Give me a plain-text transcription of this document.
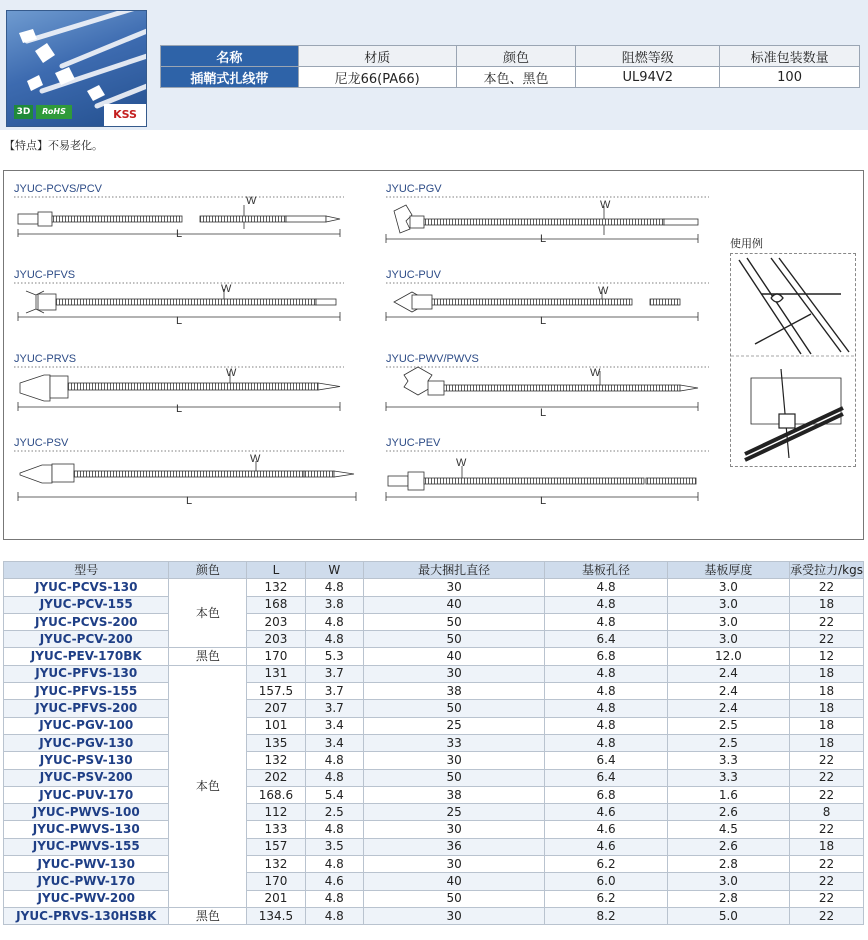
3D	RoHS	KSS
名称	材质	颜色	阻燃等级	标准包装数量
插鞘式扎线带	尼龙66(PA66)	本色、黑色	UL94V2	100
【特点】不易老化。
JYUC-PCVS/PCV	JYUC-PGV
JYUC-PFVS	JYUC-PUV
JYUC-PRVS	JYUC-PWV/PWVS
JYUC-PSV	JYUC-PEV
W	W
W	W
W	W
W	W
L	L
L	L
L	L
L	L
使用例
型号	颜色	L	W	最大捆扎直径	基板孔径	基板厚度	承受拉力/kgs
JYUC-PCVS-130	本色	132	4.8	30	4.8	3.0	22
JYUC-PCV-155		168	3.8	40	4.8	3.0	18
JYUC-PCVS-200		203	4.8	50	4.8	3.0	22
JYUC-PCV-200		203	4.8	50	6.4	3.0	22
JYUC-PEV-170BK	黑色	170	5.3	40	6.8	12.0	12
JYUC-PFVS-130	本色	131	3.7	30	4.8	2.4	18
JYUC-PFVS-155		157.5	3.7	38	4.8	2.4	18
JYUC-PFVS-200		207	3.7	50	4.8	2.4	18
JYUC-PGV-100		101	3.4	25	4.8	2.5	18
JYUC-PGV-130		135	3.4	33	4.8	2.5	18
JYUC-PSV-130		132	4.8	30	6.4	3.3	22
JYUC-PSV-200		202	4.8	50	6.4	3.3	22
JYUC-PUV-170		168.6	5.4	38	6.8	1.6	22
JYUC-PWVS-100		112	2.5	25	4.6	2.6	8
JYUC-PWVS-130		133	4.8	30	4.6	4.5	22
JYUC-PWVS-155		157	3.5	36	4.6	2.6	18
JYUC-PWV-130		132	4.8	30	6.2	2.8	22
JYUC-PWV-170		170	4.6	40	6.0	3.0	22
JYUC-PWV-200		201	4.8	50	6.2	2.8	22
JYUC-PRVS-130HSBK	黑色	134.5	4.8	30	8.2	5.0	22
